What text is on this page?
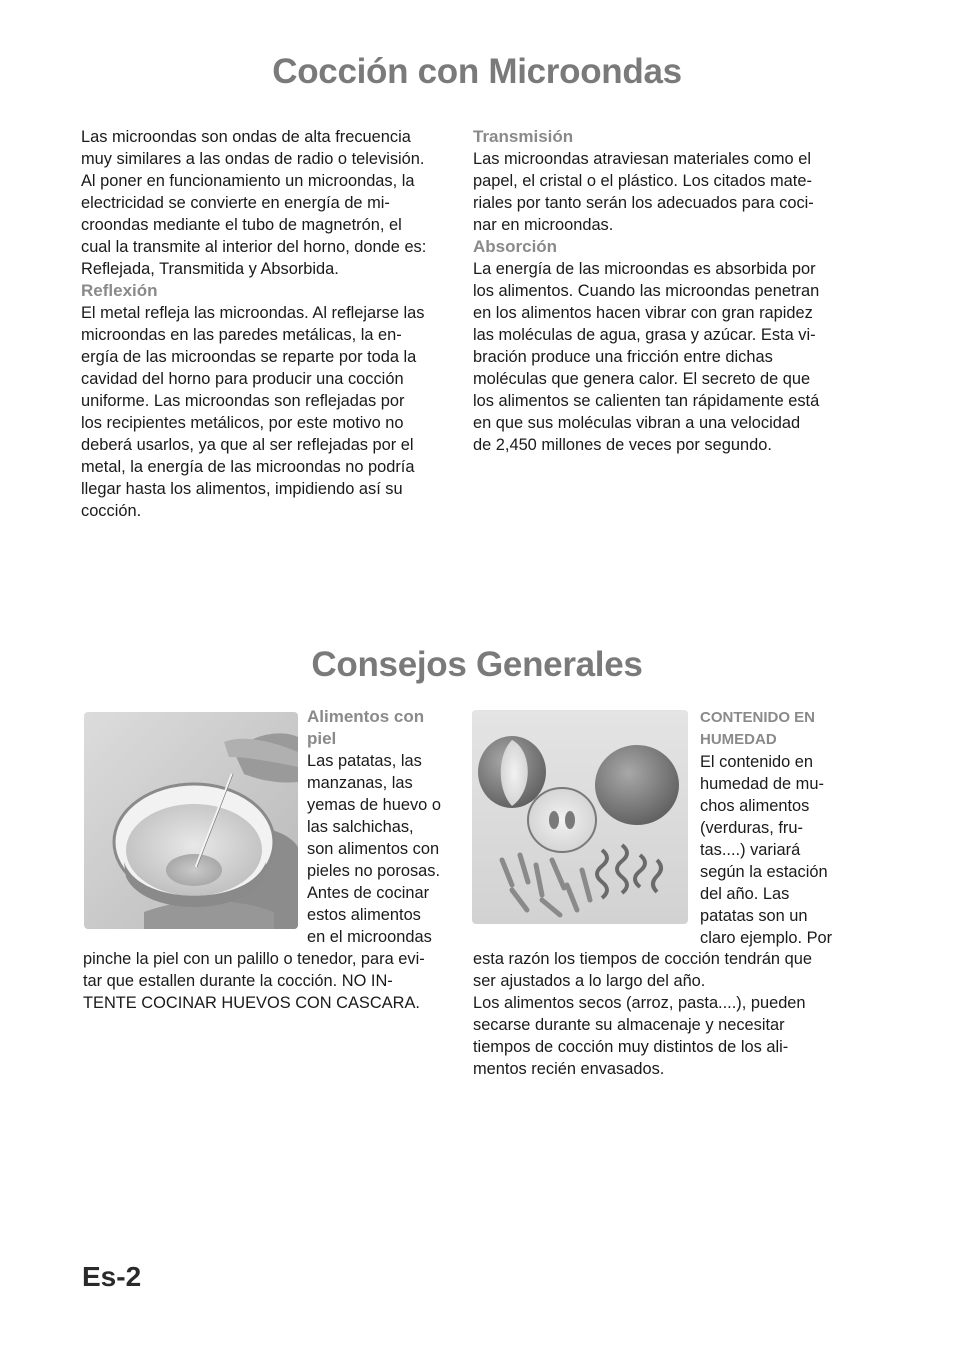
Cocción con Microondas

Las microondas son ondas de alta frecuencia

muy similares a las ondas de radio o televisión.

Al poner en funcionamiento un microondas, la

electricidad se convierte en energía de mi-

croondas mediante el tubo de magnetrón, el

cual la transmite al interior del horno, donde es:

Reflejada, Transmitida y Absorbida.

Reflexión

El metal refleja las microondas. Al reflejarse las

microondas en las paredes metálicas, la en-

ergía de las microondas se reparte por toda la

cavidad del horno para producir una cocción

uniforme. Las microondas son reflejadas por

los recipientes metálicos, por este motivo no

deberá usarlos, ya que al ser reflejadas por el

metal, la energía de las microondas no podría

llegar hasta los alimentos, impidiendo así su

cocción.

Transmisión

Las microondas atraviesan materiales como el

papel, el cristal o el plástico. Los citados mate-

riales por tanto serán los adecuados para coci-

nar en microondas.

Absorción

La energía de las microondas es absorbida por

los alimentos. Cuando las microondas penetran

en los alimentos hacen vibrar con gran rapidez

las moléculas de agua, grasa y azúcar. Esta vi-

bración produce una fricción entre dichas

moléculas que genera calor. El secreto de que

los alimentos se calienten tan rápidamente está

en que sus moléculas vibran a una velocidad

de 2,450 millones de veces por segundo.

Consejos Generales
Alimentos con
piel

Las patatas, las

manzanas, las

yemas de huevo o

las salchichas,

son alimentos con

pieles no porosas.

Antes de cocinar

estos alimentos

en el microondas

pinche la piel con un palillo o tenedor, para evi-

tar que estallen durante la cocción. NO IN-

TENTE COCINAR HUEVOS CON CASCARA.

CONTENIDO EN
HUMEDAD

El contenido en

humedad de mu-

chos alimentos

(verduras, fru-

tas....) variará

según la estación

del año. Las

patatas son un

claro ejemplo. Por

esta razón los tiempos de cocción tendrán que

ser ajustados a lo largo del año.

Los alimentos secos (arroz, pasta....), pueden

secarse durante su almacenaje y necesitar

tiempos de cocción muy distintos de los ali-

mentos recién envasados.

Es-2
